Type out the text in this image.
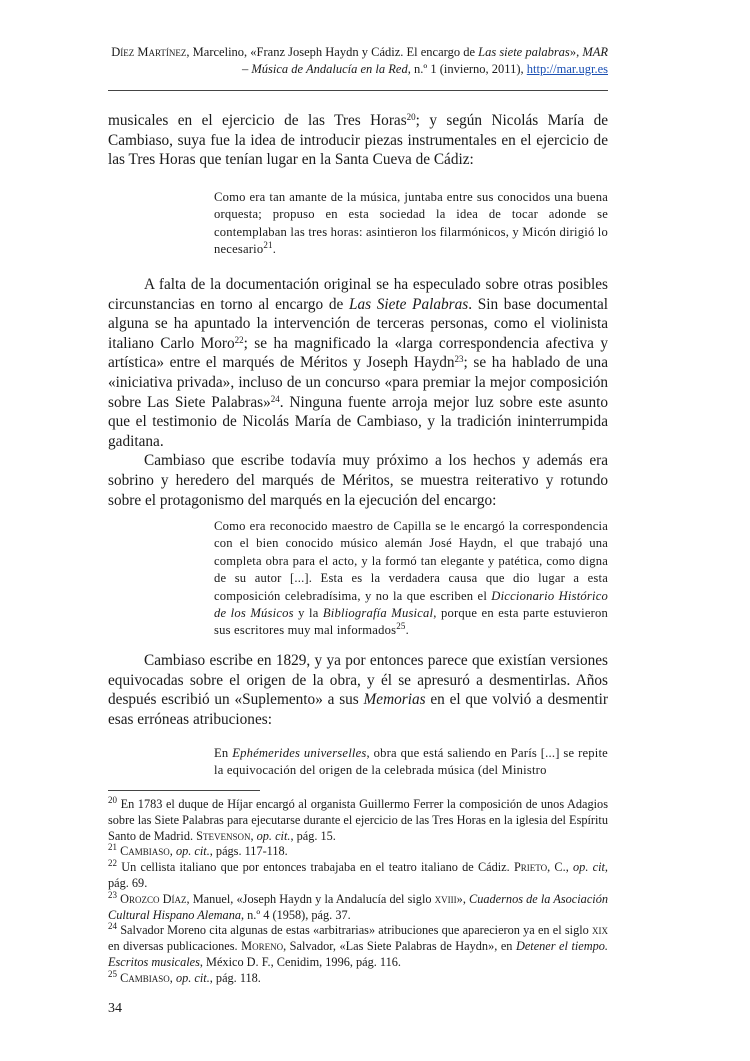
Díez Martínez, Marcelino, «Franz Joseph Haydn y Cádiz. El encargo de Las siete palabras», MAR
– Música de Andalucía en la Red, n.º 1 (invierno, 2011), http://mar.ugr.es

musicales en el ejercicio de las Tres Horas$^{20}$; y según Nicolás María de Cambiaso, suya fue la idea de introducir piezas instrumentales en el ejercicio de las Tres Horas que tenían lugar en la Santa Cueva de Cádiz:

Como era tan amante de la música, juntaba entre sus conocidos una buena orquesta; propuso en esta sociedad la idea de tocar adonde se contemplaban las tres horas: asintieron los filarmónicos, y Micón dirigió lo necesario$^{21}$.

A falta de la documentación original se ha especulado sobre otras posibles circunstancias en torno al encargo de Las Siete Palabras. Sin base documental alguna se ha apuntado la intervención de terceras personas, como el violinista italiano Carlo Moro$^{22}$; se ha magnificado la «larga correspondencia afectiva y artística» entre el marqués de Méritos y Joseph Haydn$^{23}$; se ha hablado de una «iniciativa privada», incluso de un concurso «para premiar la mejor composición sobre Las Siete Palabras»$^{24}$. Ninguna fuente arroja mejor luz sobre este asunto que el testimonio de Nicolás María de Cambiaso, y la tradición ininterrumpida gaditana.

Cambiaso que escribe todavía muy próximo a los hechos y además era sobrino y heredero del marqués de Méritos, se muestra reiterativo y rotundo sobre el protagonismo del marqués en la ejecución del encargo:

Como era reconocido maestro de Capilla se le encargó la correspondencia con el bien conocido músico alemán José Haydn, el que trabajó una completa obra para el acto, y la formó tan elegante y patética, como digna de su autor [...]. Esta es la verdadera causa que dio lugar a esta composición celebradísima, y no la que escriben el Diccionario Histórico de los Músicos y la Bibliografía Musical, porque en esta parte estuvieron sus escritores muy mal informados$^{25}$.

Cambiaso escribe en 1829, y ya por entonces parece que existían versiones equivocadas sobre el origen de la obra, y él se apresuró a desmentirlas. Años después escribió un «Suplemento» a sus Memorias en el que volvió a desmentir esas erróneas atribuciones:

En Ephémerides universelles, obra que está saliendo en París [...] se repite la equivocación del origen de la celebrada música (del Ministro

$^{20}$ En 1783 el duque de Híjar encargó al organista Guillermo Ferrer la composición de unos Adagios sobre las Siete Palabras para ejecutarse durante el ejercicio de las Tres Horas en la iglesia del Espíritu Santo de Madrid. Stevenson, op. cit., pág. 15.

$^{21}$ Cambiaso, op. cit., págs. 117-118.

$^{22}$ Un cellista italiano que por entonces trabajaba en el teatro italiano de Cádiz. Prieto, C., op. cit, pág. 69.

$^{23}$ Orozco Díaz, Manuel, «Joseph Haydn y la Andalucía del siglo xviii», Cuadernos de la Asociación Cultural Hispano Alemana, n.º 4 (1958), pág. 37.

$^{24}$ Salvador Moreno cita algunas de estas «arbitrarias» atribuciones que aparecieron ya en el siglo xix en diversas publicaciones. Moreno, Salvador, «Las Siete Palabras de Haydn», en Detener el tiempo. Escritos musicales, México D. F., Cenidim, 1996, pág. 116.

$^{25}$ Cambiaso, op. cit., pág. 118.

34
